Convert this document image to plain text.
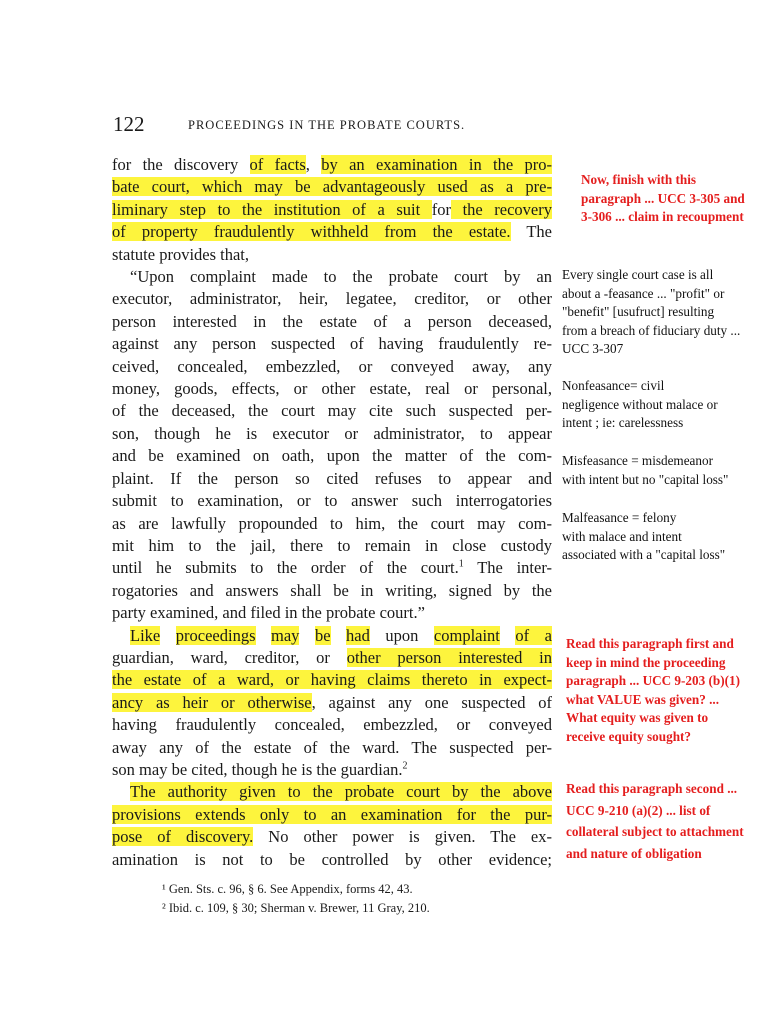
122	PROCEEDINGS IN THE PROBATE COURTS.
for the discovery of facts, by an examination in the pro-
bate court, which may be advantageously used as a pre-
liminary step to the institution of a suit for the recovery
of property fraudulently withheld from the estate. The
statute provides that,
“Upon complaint made to the probate court by an
executor, administrator, heir, legatee, creditor, or other
person interested in the estate of a person deceased,
against any person suspected of having fraudulently re-
ceived, concealed, embezzled, or conveyed away, any
money, goods, effects, or other estate, real or personal,
of the deceased, the court may cite such suspected per-
son, though he is executor or administrator, to appear
and be examined on oath, upon the matter of the com-
plaint. If the person so cited refuses to appear and
submit to examination, or to answer such interrogatories
as are lawfully propounded to him, the court may com-
mit him to the jail, there to remain in close custody
until he submits to the order of the court.$^1$ The inter-
rogatories and answers shall be in writing, signed by the
party examined, and filed in the probate court.”
Like proceedings may be had upon complaint of a
guardian, ward, creditor, or other person interested in
the estate of a ward, or having claims thereto in expect-
ancy as heir or otherwise, against any one suspected of
having fraudulently concealed, embezzled, or conveyed
away any of the estate of the ward. The suspected per-
son may be cited, though he is the guardian.$^2$
The authority given to the probate court by the above
provisions extends only to an examination for the pur-
pose of discovery. No other power is given. The ex-
amination is not to be controlled by other evidence;
¹ Gen. Sts. c. 96, § 6. See Appendix, forms 42, 43.
² Ibid. c. 109, § 30; Sherman v. Brewer, 11 Gray, 210.
Now, finish with this
paragraph ... UCC 3-305 and
3-306 ... claim in recoupment
Every single court case is all
about a -feasance ... "profit" or
"benefit" [usufruct] resulting
from a breach of fiduciary duty ...
UCC 3-307
Nonfeasance= civil
negligence without malace or
intent ; ie: carelessness
Misfeasance = misdemeanor
with intent but no "capital loss"
Malfeasance = felony
with malace and intent
associated with a "capital loss"
Read this paragraph first and
keep in mind the proceeding
paragraph ... UCC 9-203 (b)(1)
what VALUE was given? ...
What equity was given to
receive equity sought?
Read this paragraph second ...
UCC 9-210 (a)(2) ... list of
collateral subject to attachment
and nature of obligation
